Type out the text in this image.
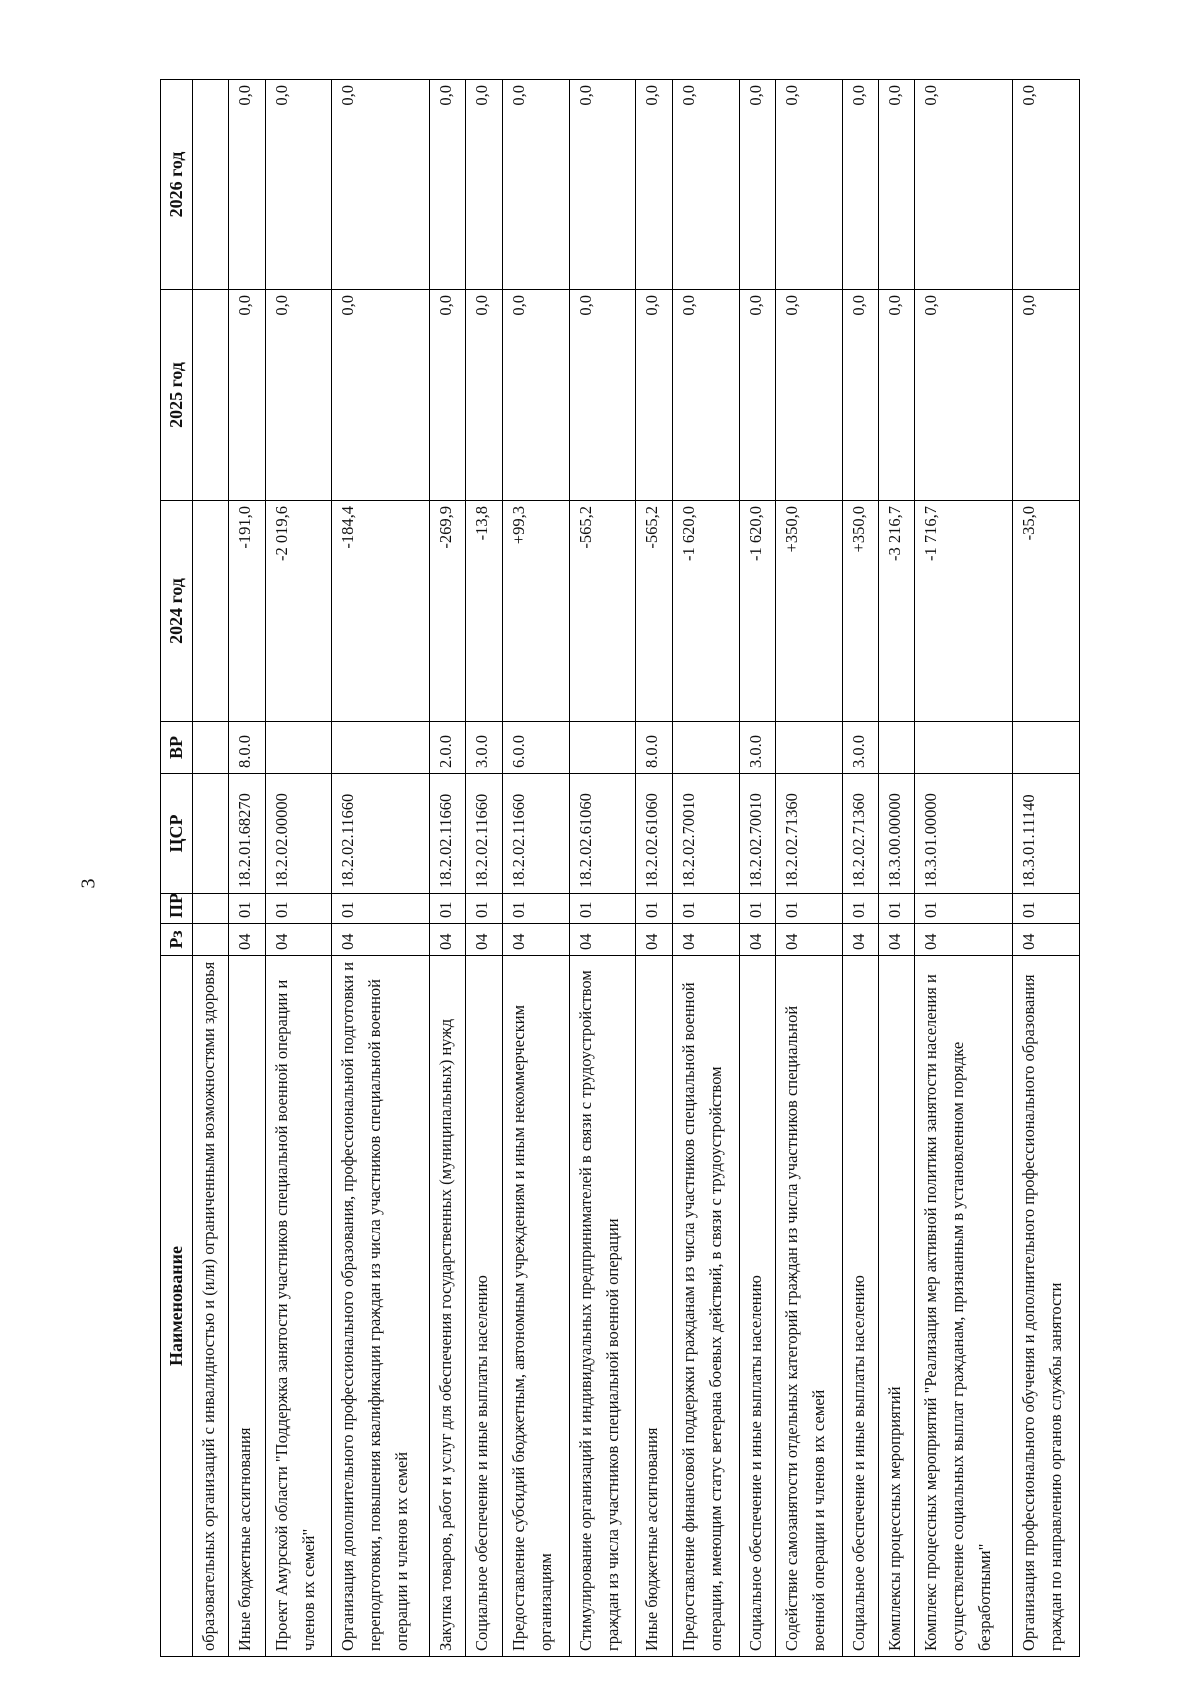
3
Наименование	Рз	ПР	ЦСР	ВР	2024 год	2025 год	2026 год
образовательных организаций с инвалидностью и (или) ограниченными возможностями здоровья							
Иные бюджетные ассигнования	04	01	18.2.01.68270	8.0.0	-191,0	0,0	0,0
Проект Амурской области "Поддержка занятости участников специальной военной операции и членов их семей"	04	01	18.2.02.00000		-2 019,6	0,0	0,0
Организация дополнительного профессионального образования, профессиональной подготовки и переподготовки, повышения квалификации граждан из числа участников специальной военной операции и членов их семей	04	01	18.2.02.11660		-184,4	0,0	0,0
Закупка товаров, работ и услуг для обеспечения государственных (муниципальных) нужд	04	01	18.2.02.11660	2.0.0	-269,9	0,0	0,0
Социальное обеспечение и иные выплаты населению	04	01	18.2.02.11660	3.0.0	-13,8	0,0	0,0
Предоставление субсидий бюджетным, автономным учреждениям и иным некоммерческим организациям	04	01	18.2.02.11660	6.0.0	+99,3	0,0	0,0
Стимулирование организаций и индивидуальных предпринимателей в связи с трудоустройством граждан из числа участников специальной военной операции	04	01	18.2.02.61060		-565,2	0,0	0,0
Иные бюджетные ассигнования	04	01	18.2.02.61060	8.0.0	-565,2	0,0	0,0
Предоставление финансовой поддержки гражданам из числа участников специальной военной операции, имеющим статус ветерана боевых действий, в связи с трудоустройством	04	01	18.2.02.70010		-1 620,0	0,0	0,0
Социальное обеспечение и иные выплаты населению	04	01	18.2.02.70010	3.0.0	-1 620,0	0,0	0,0
Содействие самозанятости отдельных категорий граждан из числа участников специальной военной операции и членов их семей	04	01	18.2.02.71360		+350,0	0,0	0,0
Социальное обеспечение и иные выплаты населению	04	01	18.2.02.71360	3.0.0	+350,0	0,0	0,0
Комплексы процессных мероприятий	04	01	18.3.00.00000		-3 216,7	0,0	0,0
Комплекс процессных мероприятий "Реализация мер активной политики занятости населения и осуществление социальных выплат гражданам, признанным в установленном порядке безработными"	04	01	18.3.01.00000		-1 716,7	0,0	0,0
Организация профессионального обучения и дополнительного профессионального образования граждан по направлению органов службы занятости	04	01	18.3.01.11140		-35,0	0,0	0,0
